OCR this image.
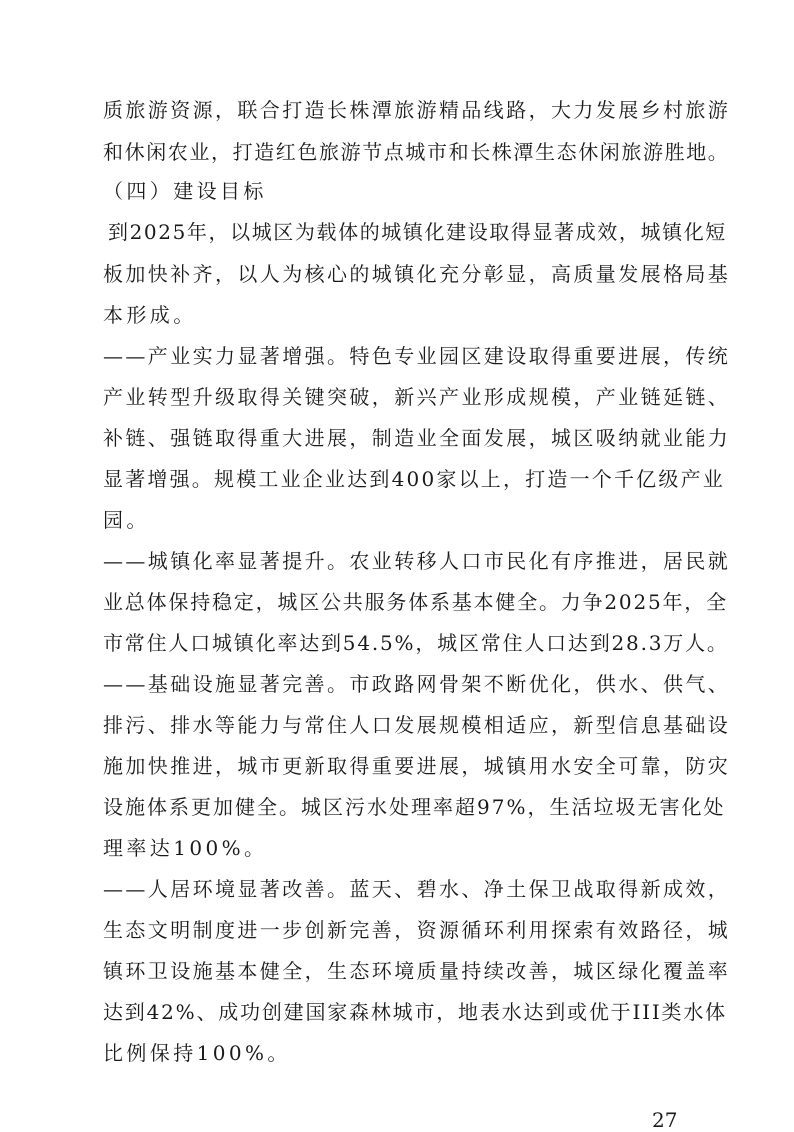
质旅游资源，联合打造长株潭旅游精品线路，大力发展乡村旅游
和休闲农业，打造红色旅游节点城市和长株潭生态休闲旅游胜地。
（四）建设目标
到2025年，以城区为载体的城镇化建设取得显著成效，城镇化短
板加快补齐，以人为核心的城镇化充分彰显，高质量发展格局基
本形成。
——产业实力显著增强。特色专业园区建设取得重要进展，传统
产业转型升级取得关键突破，新兴产业形成规模，产业链延链、
补链、强链取得重大进展，制造业全面发展，城区吸纳就业能力
显著增强。规模工业企业达到400家以上，打造一个千亿级产业
园。
——城镇化率显著提升。农业转移人口市民化有序推进，居民就
业总体保持稳定，城区公共服务体系基本健全。力争2025年，全
市常住人口城镇化率达到54.5%，城区常住人口达到28.3万人。
——基础设施显著完善。市政路网骨架不断优化，供水、供气、
排污、排水等能力与常住人口发展规模相适应，新型信息基础设
施加快推进，城市更新取得重要进展，城镇用水安全可靠，防灾
设施体系更加健全。城区污水处理率超97%，生活垃圾无害化处
理率达100%。
——人居环境显著改善。蓝天、碧水、净土保卫战取得新成效，
生态文明制度进一步创新完善，资源循环利用探索有效路径，城
镇环卫设施基本健全，生态环境质量持续改善，城区绿化覆盖率
达到42%、成功创建国家森林城市，地表水达到或优于III类水体
比例保持100%。
27
